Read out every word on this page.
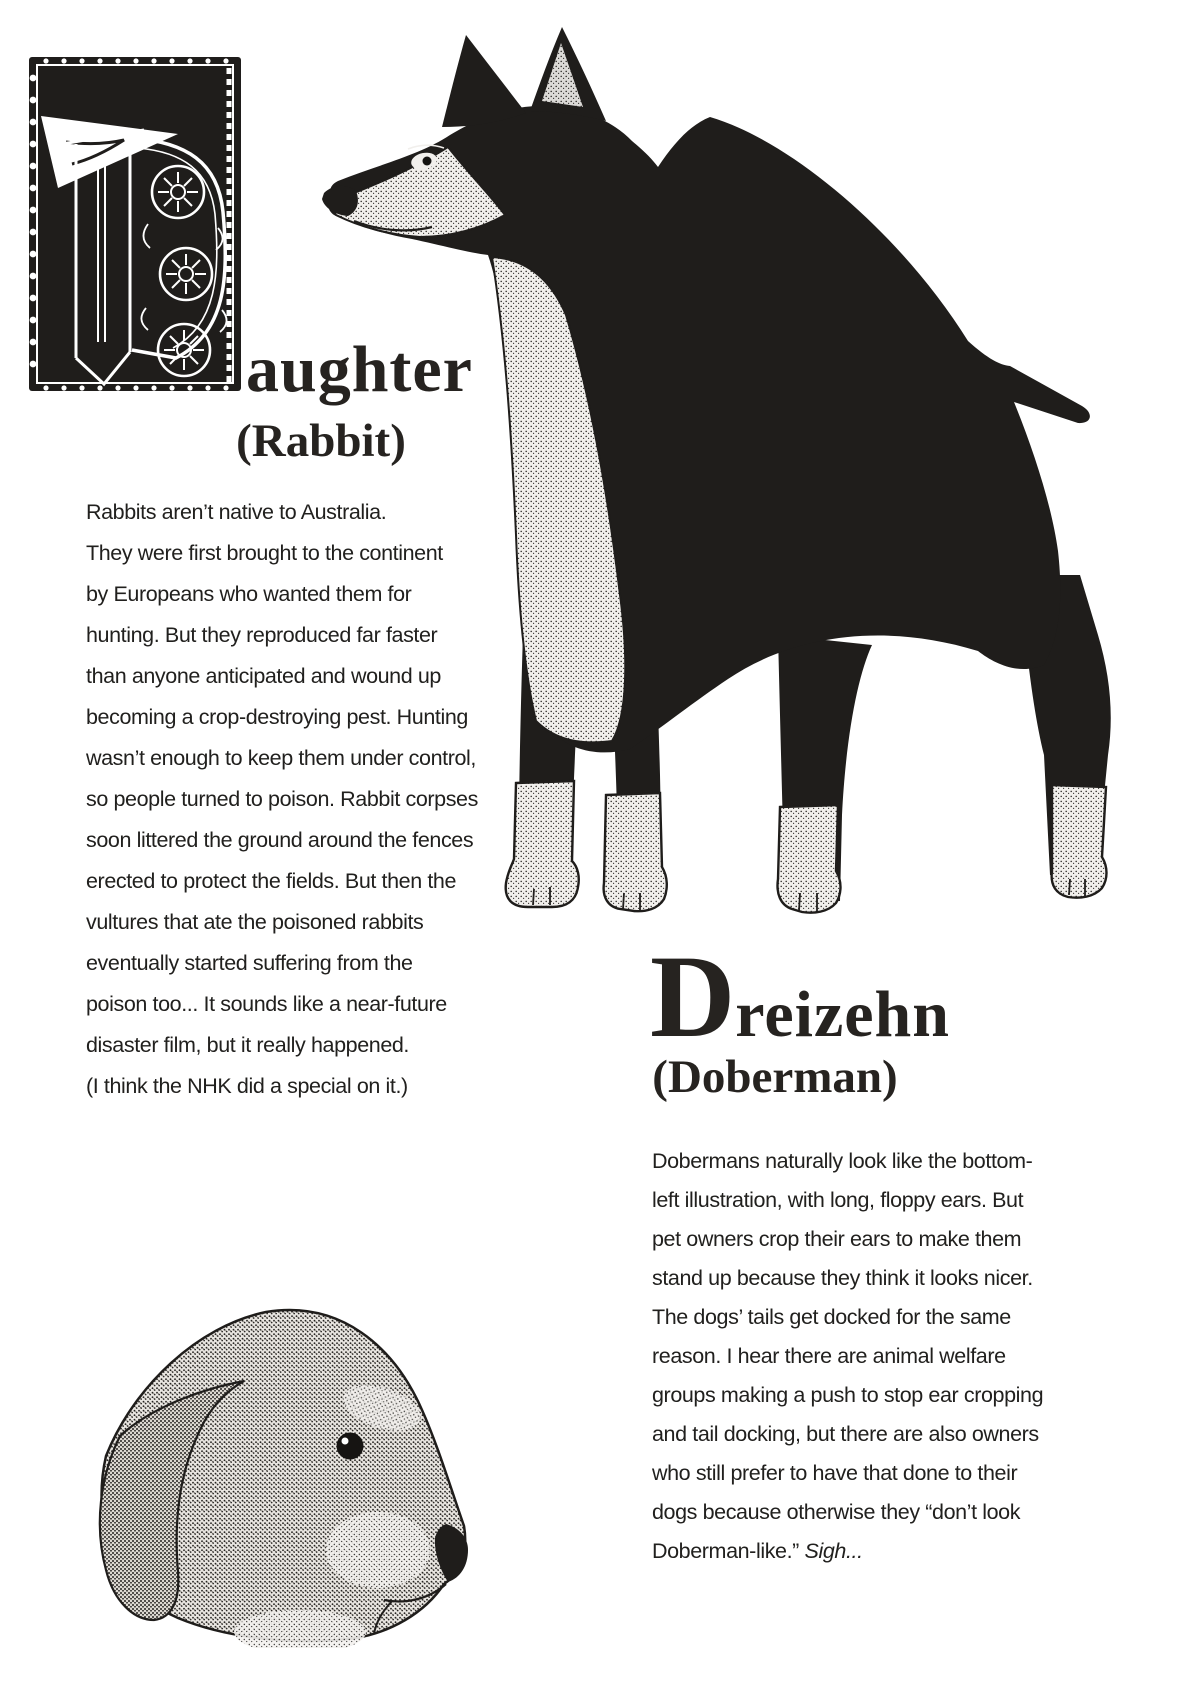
aughter
(Rabbit)
Rabbits aren’t native to Australia.
They were first brought to the continent
by Europeans who wanted them for
hunting. But they reproduced far faster
than anyone anticipated and wound up
becoming a crop-destroying pest. Hunting
wasn’t enough to keep them under control,
so people turned to poison. Rabbit corpses
soon littered the ground around the fences
erected to protect the fields. But then the
vultures that ate the poisoned rabbits
eventually started suffering from the
poison too... It sounds like a near-future
disaster film, but it really happened.
(I think the NHK did a special on it.)
Dreizehn
(Doberman)
Dobermans naturally look like the bottom-
left illustration, with long, floppy ears. But
pet owners crop their ears to make them
stand up because they think it looks nicer.
The dogs’ tails get docked for the same
reason. I hear there are animal welfare
groups making a push to stop ear cropping
and tail docking, but there are also owners
who still prefer to have that done to their
dogs because otherwise they “don’t look
Doberman-like.” Sigh...
